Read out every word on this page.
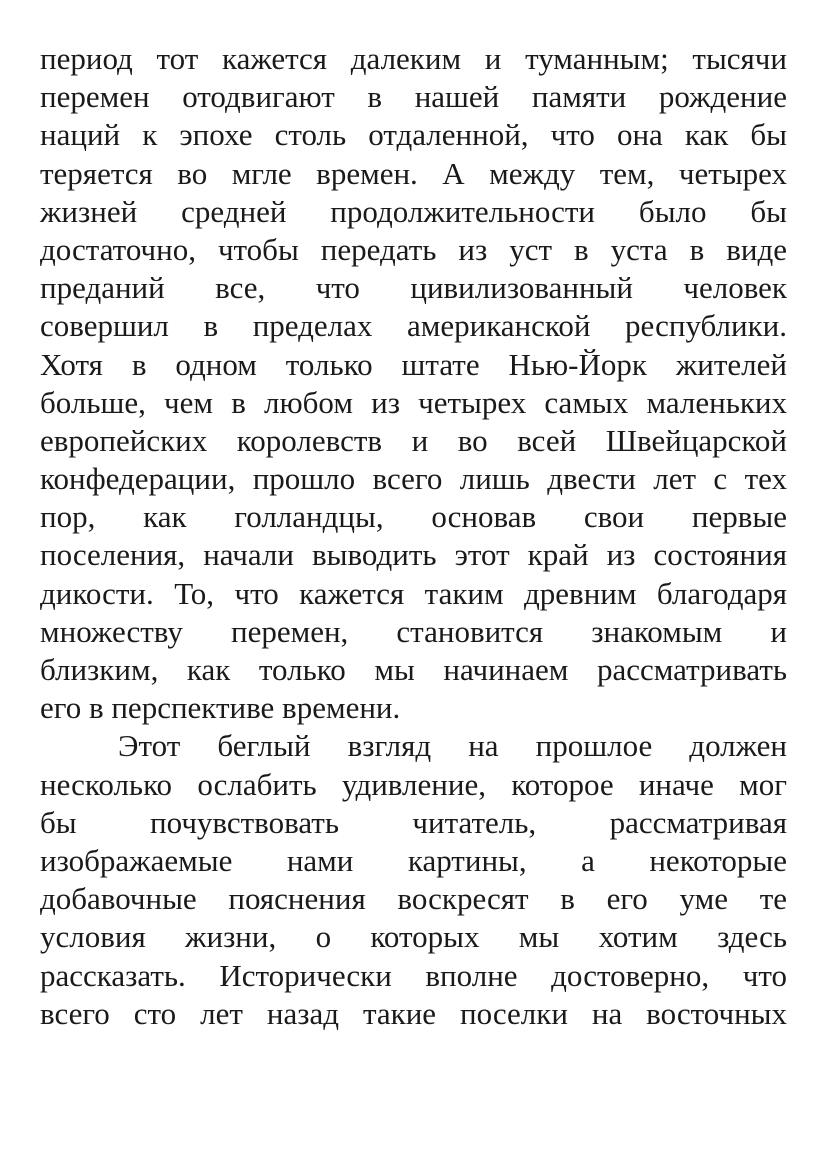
период тот кажется далеким и туманным; тысячи
перемен отодвигают в нашей памяти рождение
наций к эпохе столь отдаленной, что она как бы
теряется во мгле времен. А между тем, четырех
жизней средней продолжительности было бы
достаточно, чтобы передать из уст в уста в виде
преданий все, что цивилизованный человек
совершил в пределах американской республики.
Хотя в одном только штате Нью-Йорк жителей
больше, чем в любом из четырех самых маленьких
европейских королевств и во всей Швейцарской
конфедерации, прошло всего лишь двести лет с тех
пор, как голландцы, основав свои первые
поселения, начали выводить этот край из состояния
дикости. То, что кажется таким древним благодаря
множеству перемен, становится знакомым и
близким, как только мы начинаем рассматривать
его в перспективе времени.
Этот беглый взгляд на прошлое должен
несколько ослабить удивление, которое иначе мог
бы почувствовать читатель, рассматривая
изображаемые нами картины, а некоторые
добавочные пояснения воскресят в его уме те
условия жизни, о которых мы хотим здесь
рассказать. Исторически вполне достоверно, что
всего сто лет назад такие поселки на восточных
